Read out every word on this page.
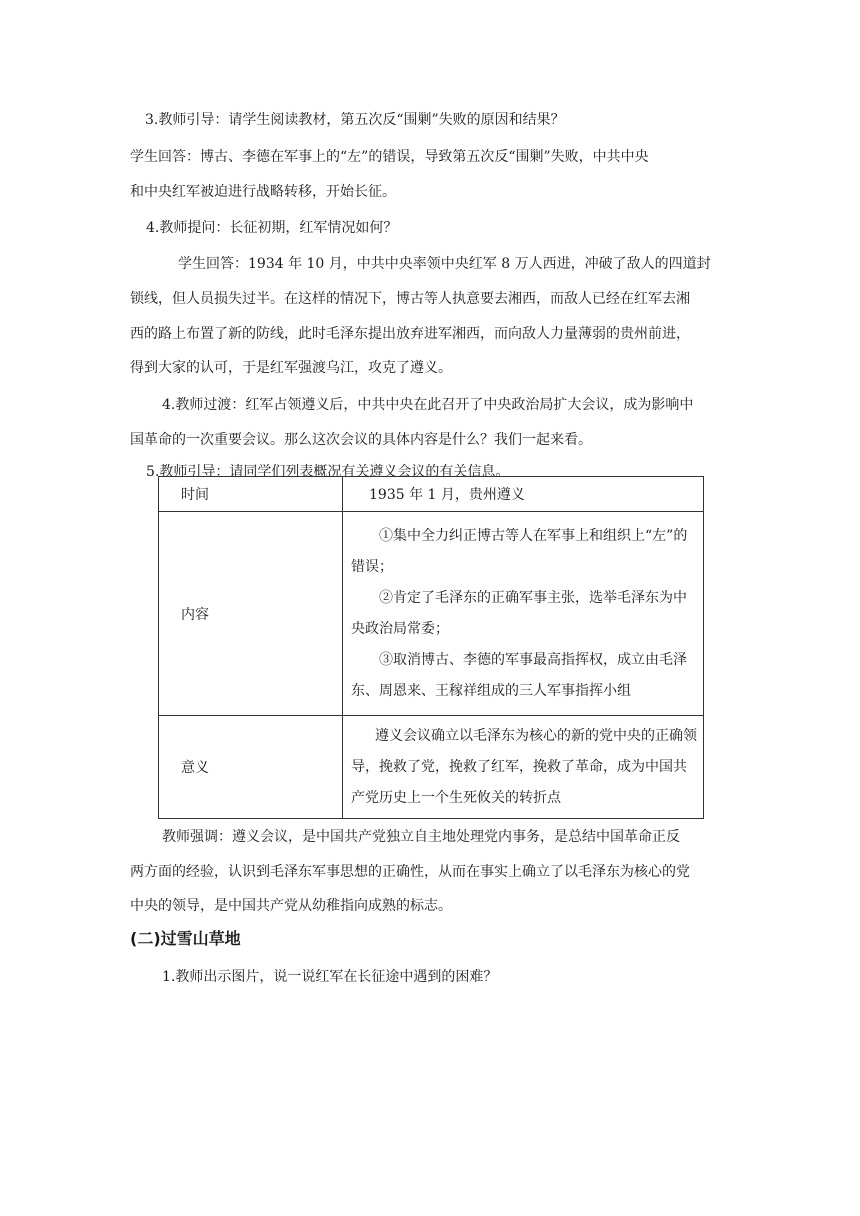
3.教师引导：请学生阅读教材，第五次反“围剿”失败的原因和结果？
学生回答：博古、李德在军事上的“左”的错误，导致第五次反“围剿”失败，中共中央
和中央红军被迫进行战略转移，开始长征。
4.教师提问：长征初期，红军情况如何？
学生回答：1934 年 10 月，中共中央率领中央红军 8 万人西进，冲破了敌人的四道封
锁线，但人员损失过半。在这样的情况下，博古等人执意要去湘西，而敌人已经在红军去湘
西的路上布置了新的防线，此时毛泽东提出放弃进军湘西，而向敌人力量薄弱的贵州前进，
得到大家的认可，于是红军强渡乌江，攻克了遵义。
4.教师过渡：红军占领遵义后，中共中央在此召开了中央政治局扩大会议，成为影响中
国革命的一次重要会议。那么这次会议的具体内容是什么？我们一起来看。
5.教师引导：请同学们列表概况有关遵义会议的有关信息。
时间	1935 年 1 月，贵州遵义
内容	①集中全力纠正博古等人在军事上和组织上“左”的错误；
②肯定了毛泽东的正确军事主张，选举毛泽东为中央政治局常委；
③取消博古、李德的军事最高指挥权，成立由毛泽东、周恩来、王稼祥组成的三人军事指挥小组

意义	遵义会议确立以毛泽东为核心的新的党中央的正确领导，挽救了党，挽救了红军，挽救了革命，成为中国共产党历史上一个生死攸关的转折点
教师强调：遵义会议，是中国共产党独立自主地处理党内事务，是总结中国革命正反
两方面的经验，认识到毛泽东军事思想的正确性，从而在事实上确立了以毛泽东为核心的党
中央的领导，是中国共产党从幼稚指向成熟的标志。
(二)过雪山草地
1.教师出示图片，说一说红军在长征途中遇到的困难？
